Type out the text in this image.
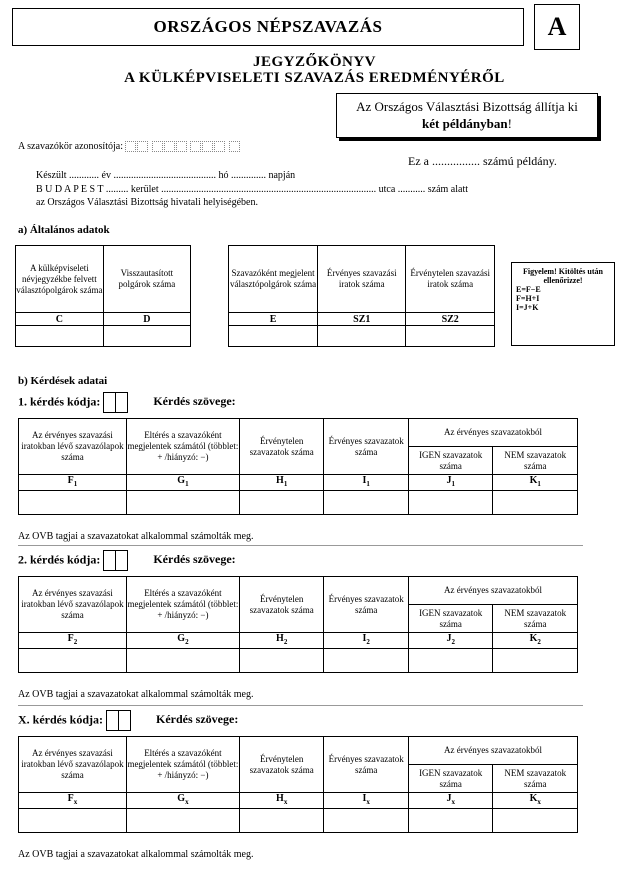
ORSZÁGOS NÉPSZAVAZÁS	A
JEGYZŐKÖNYV
A KÜLKÉPVISELETI SZAVAZÁS EREDMÉNYÉRŐL
Az Országos Választási Bizottság állítja ki
két példányban!
A szavazókör azonosítója:
Ez a ................ számú példány.
Készült ............ év ......................................... hó .............. napján
B U D A P E S T ......... kerület ...................................................................................... utca ........... szám alatt
az Országos Választási Bizottság hivatali helyiségében.
a) Általános adatok
A külképviseleti névjegyzékbe felvett választópolgárok száma	Visszautasított polgárok száma
C	D

Szavazóként megjelent választópolgárok száma	Érvényes szavazási iratok száma	Érvénytelen szavazási iratok száma
E	SZ1	SZ2

Figyelem! Kitöltés után ellenőrizze!
E=F−E
F=H+I
I=J+K
b) Kérdések adatai
1. kérdés kódja:	Kérdés szövege:
Az érvényes szavazási iratokban lévő szavazólapok száma	Eltérés a szavazóként megjelentek számától (többlet: + /hiányzó: −)	Érvénytelen szavazatok száma	Érvényes szavazatok száma	Az érvényes szavazatokból	
				IGEN szavazatok száma	NEM szavazatok száma
$F_1$	$G_1$	$H_1$	$I_1$	$J_1$	$K_1$

Az OVB tagjai a szavazatokat alkalommal számolták meg.
2. kérdés kódja:	Kérdés szövege:
Az érvényes szavazási iratokban lévő szavazólapok száma	Eltérés a szavazóként megjelentek számától (többlet: + /hiányzó: −)	Érvénytelen szavazatok száma	Érvényes szavazatok száma	Az érvényes szavazatokból	
				IGEN szavazatok száma	NEM szavazatok száma
$F_2$	$G_2$	$H_2$	$I_2$	$J_2$	$K_2$

Az OVB tagjai a szavazatokat alkalommal számolták meg.
X. kérdés kódja:	Kérdés szövege:
Az érvényes szavazási iratokban lévő szavazólapok száma	Eltérés a szavazóként megjelentek számától (többlet: + /hiányzó: −)	Érvénytelen szavazatok száma	Érvényes szavazatok száma	Az érvényes szavazatokból	
				IGEN szavazatok száma	NEM szavazatok száma
$F_x$	$G_x$	$H_x$	$I_x$	$J_x$	$K_x$

Az OVB tagjai a szavazatokat alkalommal számolták meg.
